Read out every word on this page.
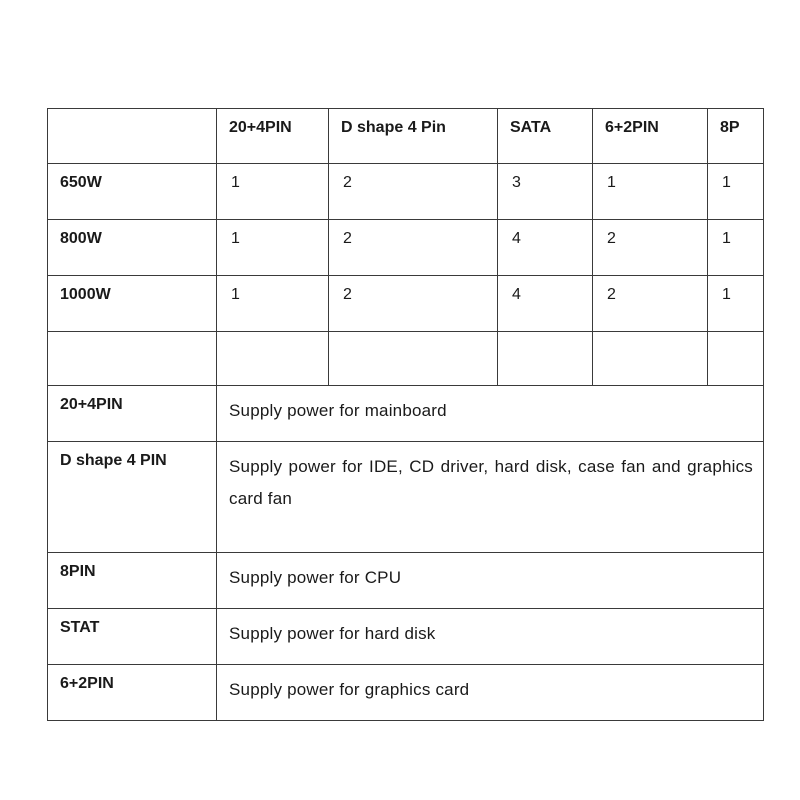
	20+4PIN	D shape 4 Pin	SATA	6+2PIN	8P

650W	1	2	3	1	1

800W	1	2	4	2	1

1000W	1	2	4	2	1

20+4PIN	Supply power for mainboard				

D shape 4 PIN	Supply power for IDE, CD driver, hard disk, case fan and graphics card fan				

8PIN	Supply power for CPU				

STAT	Supply power for hard disk				

6+2PIN	Supply power for graphics card				
